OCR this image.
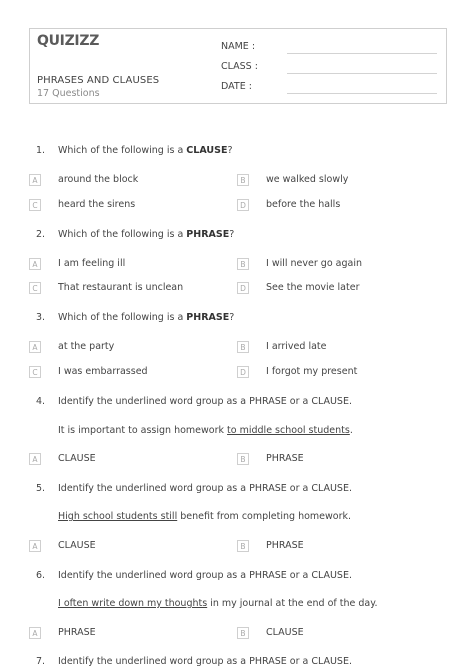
QUIZIZZ
PHRASES AND CLAUSES
17 Questions
NAME :
CLASS :
DATE :
1. Which of the following is a CLAUSE?
A	around the block	B	we walked slowly
C	heard the sirens	D	before the halls
2. Which of the following is a PHRASE?
A	I am feeling ill	B	I will never go again
C	That restaurant is unclean	D	See the movie later
3. Which of the following is a PHRASE?
A	at the party	B	I arrived late
C	I was embarrassed	D	I forgot my present
4. Identify the underlined word group as a PHRASE or a CLAUSE.
It is important to assign homework to middle school students.
A	CLAUSE	B	PHRASE
5. Identify the underlined word group as a PHRASE or a CLAUSE.
High school students still benefit from completing homework.
A	CLAUSE	B	PHRASE
6. Identify the underlined word group as a PHRASE or a CLAUSE.
I often write down my thoughts in my journal at the end of the day.
A	PHRASE	B	CLAUSE
7. Identify the underlined word group as a PHRASE or a CLAUSE.
